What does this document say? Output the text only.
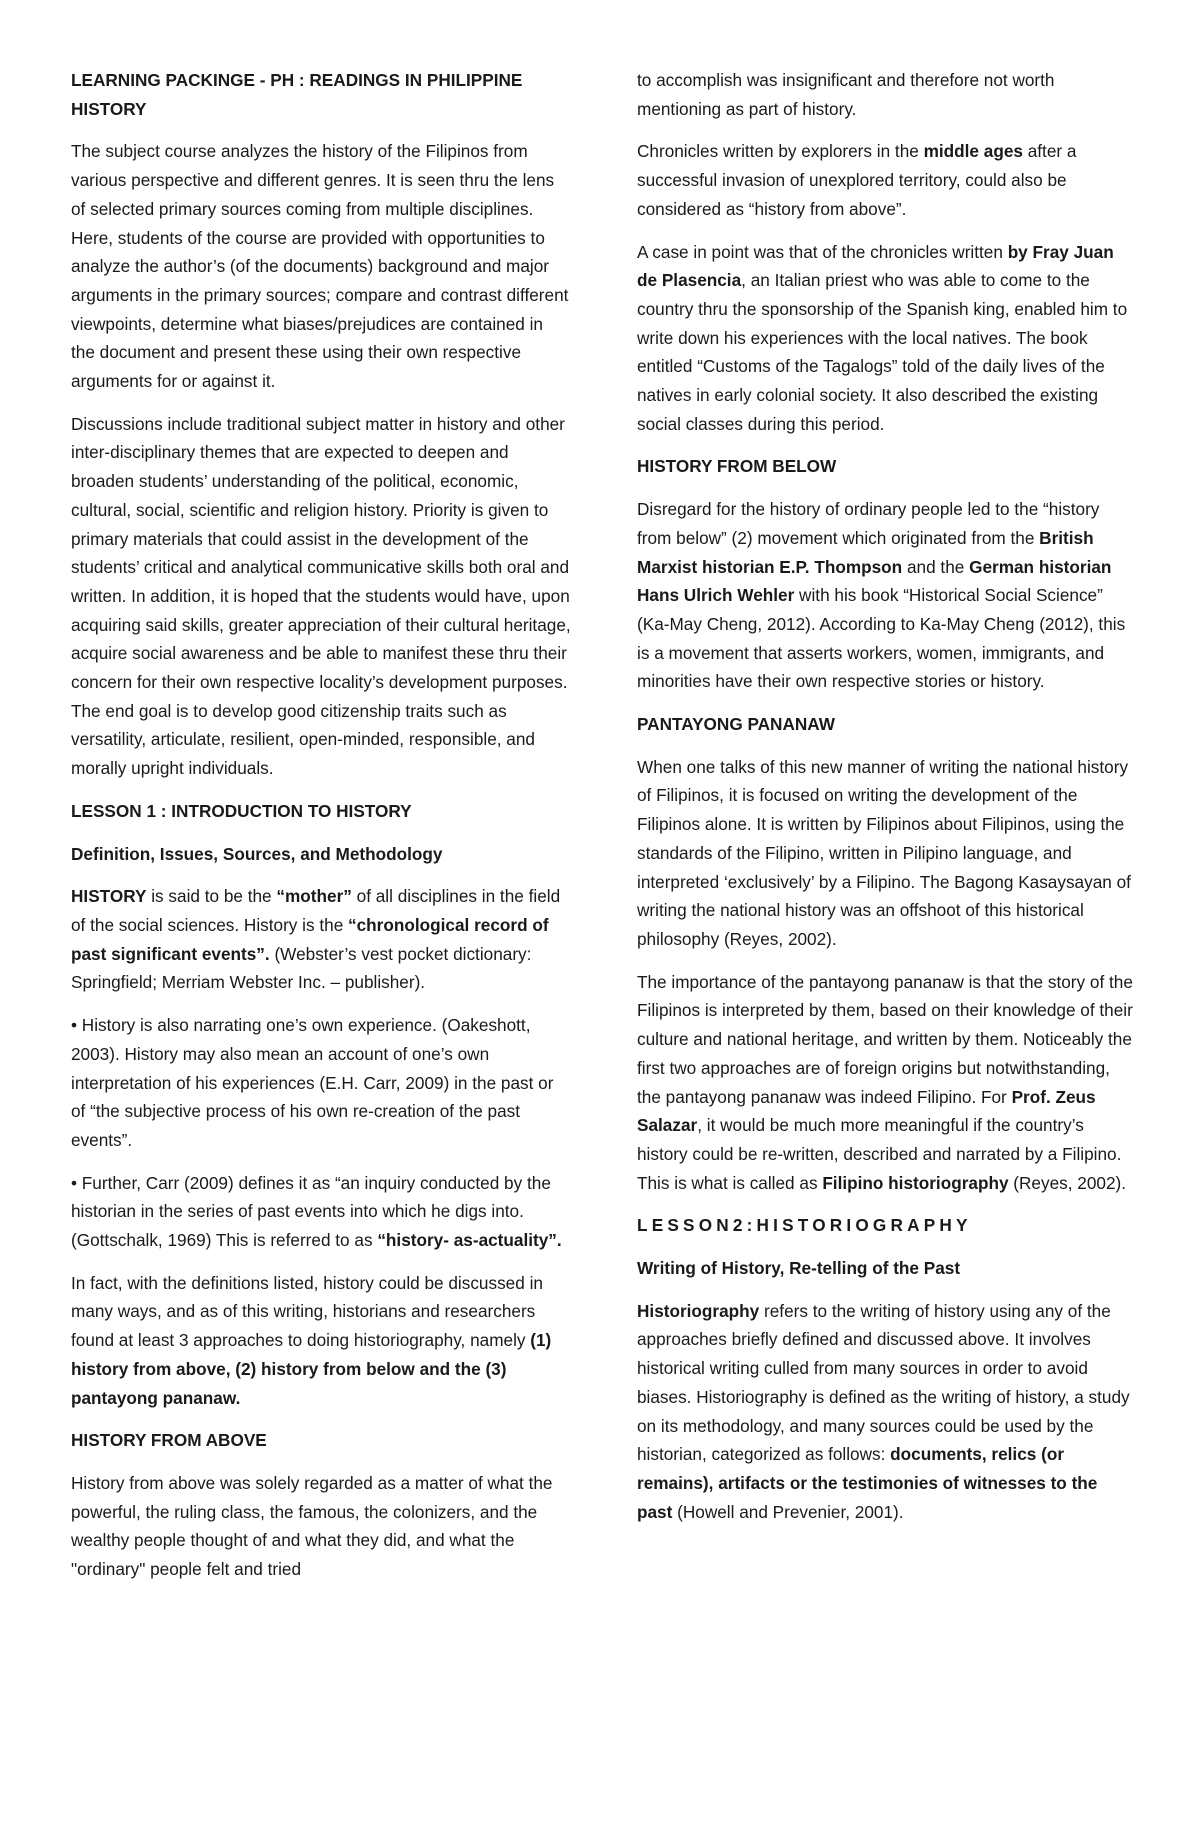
LEARNING PACKINGE - PH : READINGS IN PHILIPPINE HISTORY

The subject course analyzes the history of the Filipinos from various perspective and different genres. It is seen thru the lens of selected primary sources coming from multiple disciplines. Here, students of the course are provided with opportunities to analyze the author’s (of the documents) background and major arguments in the primary sources; compare and contrast different viewpoints, determine what biases/prejudices are contained in the document and present these using their own respective arguments for or against it.

Discussions include traditional subject matter in history and other inter-disciplinary themes that are expected to deepen and broaden students’ understanding of the political, economic, cultural, social, scientific and religion history. Priority is given to primary materials that could assist in the development of the students’ critical and analytical communicative skills both oral and written. In addition, it is hoped that the students would have, upon acquiring said skills, greater appreciation of their cultural heritage, acquire social awareness and be able to manifest these thru their concern for their own respective locality’s development purposes. The end goal is to develop good citizenship traits such as versatility, articulate, resilient, open-minded, responsible, and morally upright individuals.

LESSON 1 : INTRODUCTION TO HISTORY

Definition, Issues, Sources, and Methodology

HISTORY is said to be the “mother” of all disciplines in the field of the social sciences. History is the “chronological record of past significant events”. (Webster’s vest pocket dictionary: Springfield; Merriam Webster Inc. – publisher).

• History is also narrating one’s own experience. (Oakeshott, 2003). History may also mean an account of one’s own interpretation of his experiences (E.H. Carr, 2009) in the past or of “the subjective process of his own re-creation of the past events”.

• Further, Carr (2009) defines it as “an inquiry conducted by the historian in the series of past events into which he digs into. (Gottschalk, 1969) This is referred to as “history- as-actuality”.

In fact, with the definitions listed, history could be discussed in many ways, and as of this writing, historians and researchers found at least 3 approaches to doing historiography, namely (1) history from above, (2) history from below and the (3) pantayong pananaw.

HISTORY FROM ABOVE

History from above was solely regarded as a matter of what the powerful, the ruling class, the famous, the colonizers, and the wealthy people thought of and what they did, and what the "ordinary" people felt and tried

to accomplish was insignificant and therefore not worth mentioning as part of history.

Chronicles written by explorers in the middle ages after a successful invasion of unexplored territory, could also be considered as “history from above”.

A case in point was that of the chronicles written by Fray Juan de Plasencia, an Italian priest who was able to come to the country thru the sponsorship of the Spanish king, enabled him to write down his experiences with the local natives. The book entitled “Customs of the Tagalogs” told of the daily lives of the natives in early colonial society. It also described the existing social classes during this period.

HISTORY FROM BELOW

Disregard for the history of ordinary people led to the “history from below” (2) movement which originated from the British Marxist historian E.P. Thompson and the German historian Hans Ulrich Wehler with his book “Historical Social Science” (Ka-May Cheng, 2012). According to Ka-May Cheng (2012), this is a movement that asserts workers, women, immigrants, and minorities have their own respective stories or history.

PANTAYONG PANANAW

When one talks of this new manner of writing the national history of Filipinos, it is focused on writing the development of the Filipinos alone. It is written by Filipinos about Filipinos, using the standards of the Filipino, written in Pilipino language, and interpreted ‘exclusively’ by a Filipino. The Bagong Kasaysayan of writing the national history was an offshoot of this historical philosophy (Reyes, 2002).

The importance of the pantayong pananaw is that the story of the Filipinos is interpreted by them, based on their knowledge of their culture and national heritage, and written by them. Noticeably the first two approaches are of foreign origins but notwithstanding, the pantayong pananaw was indeed Filipino. For Prof. Zeus Salazar, it would be much more meaningful if the country’s history could be re-written, described and narrated by a Filipino. This is what is called as Filipino historiography (Reyes, 2002).

LESSON2:HISTORIOGRAPHY

Writing of History, Re-telling of the Past

Historiography refers to the writing of history using any of the approaches briefly defined and discussed above. It involves historical writing culled from many sources in order to avoid biases. Historiography is defined as the writing of history, a study on its methodology, and many sources could be used by the historian, categorized as follows: documents, relics (or remains), artifacts or the testimonies of witnesses to the past (Howell and Prevenier, 2001).
